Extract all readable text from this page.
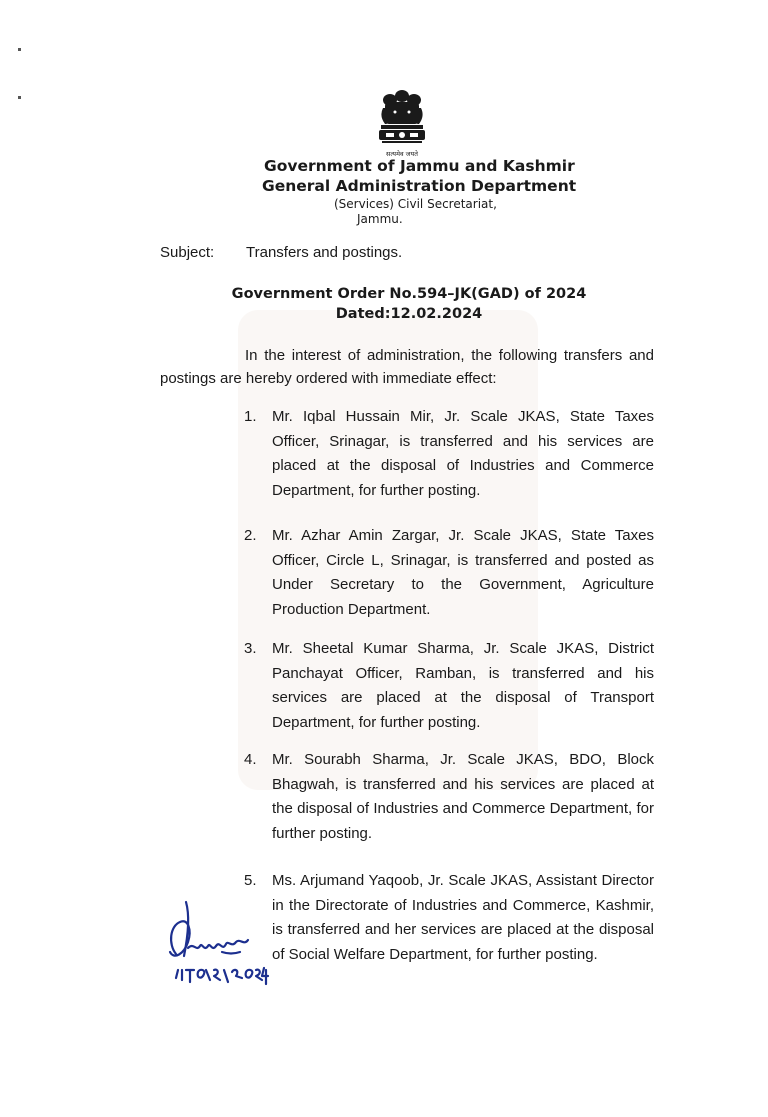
सत्यमेव जयते
Government of Jammu and Kashmir
General Administration Department
(Services) Civil Secretariat,
Jammu.
Subject: Transfers and postings.
Government Order No.594–JK(GAD) of 2024
Dated:12.02.2024
In the interest of administration, the following transfers and postings are hereby ordered with immediate effect:
1.	Mr. Iqbal Hussain Mir, Jr. Scale JKAS, State Taxes Officer, Srinagar, is transferred and his services are placed at the disposal of Industries and Commerce Department, for further posting.
2.	Mr. Azhar Amin Zargar, Jr. Scale JKAS, State Taxes Officer, Circle L, Srinagar, is transferred and posted as Under Secretary to the Government, Agriculture Production Department.
3.	Mr. Sheetal Kumar Sharma, Jr. Scale JKAS, District Panchayat Officer, Ramban, is transferred and his services are placed at the disposal of Transport Department, for further posting.
4.	Mr. Sourabh Sharma, Jr. Scale JKAS, BDO, Block Bhagwah, is transferred and his services are placed at the disposal of Industries and Commerce Department, for further posting.
5.	Ms. Arjumand Yaqoob, Jr. Scale JKAS, Assistant Director in the Directorate of Industries and Commerce, Kashmir, is transferred and her services are placed at the disposal of Social Welfare Department, for further posting.
